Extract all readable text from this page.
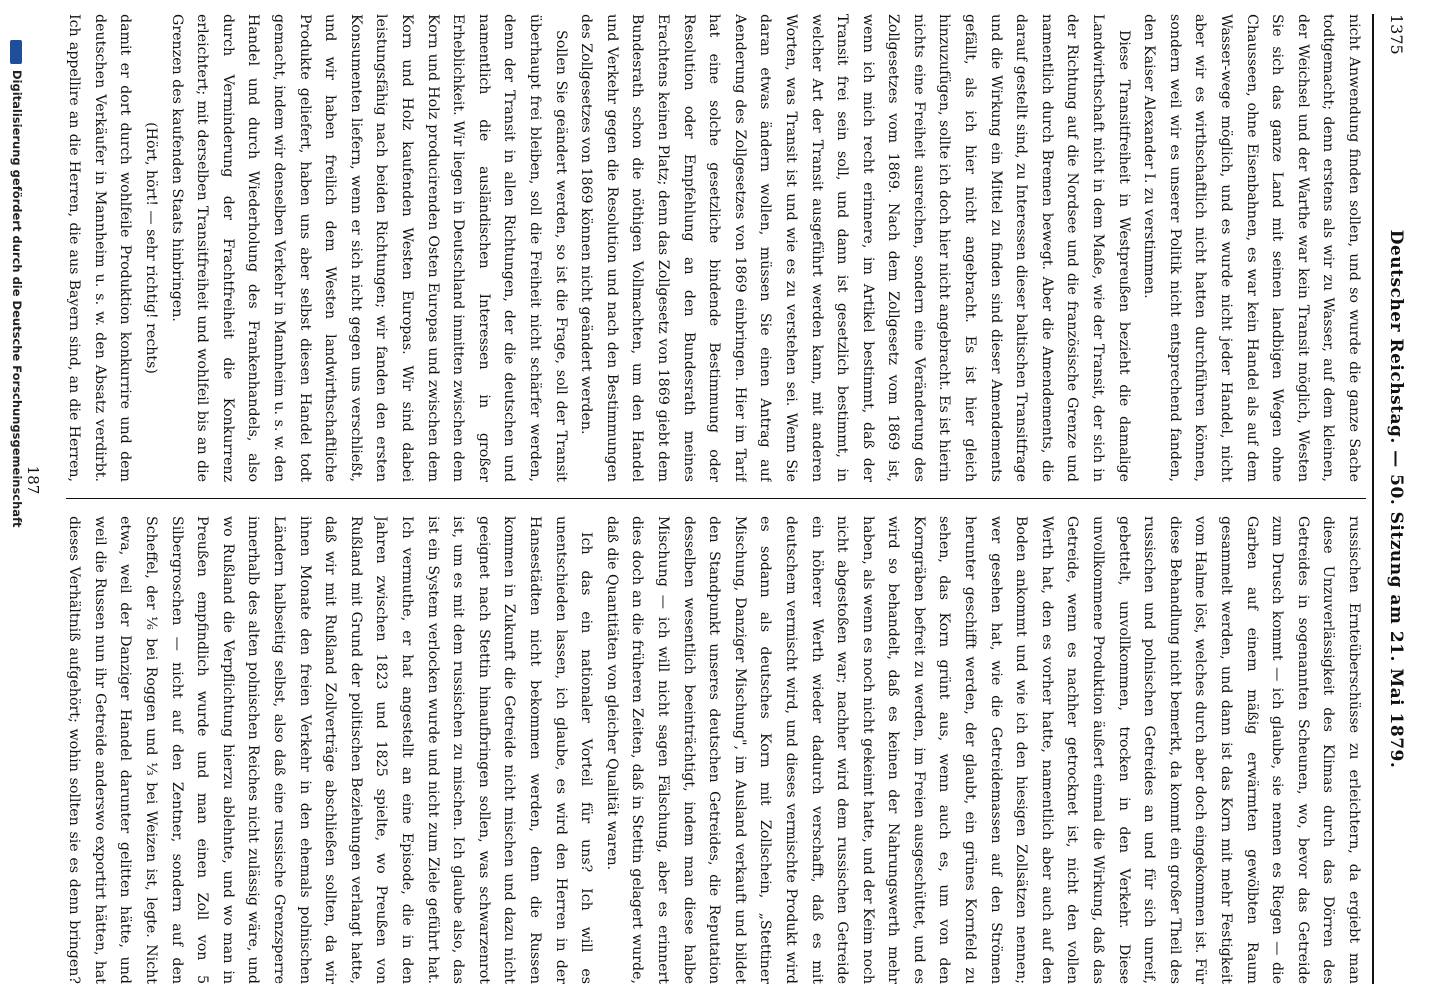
Deutscher Reichstag. — 50. Sitzung am 21. Mai 1879.
1375

nicht Anwendung finden sollen, und so wurde die ganze Sache todtgemacht; denn erstens als wir zu Wasser, auf dem kleinen, der Weichsel und der Warthe war kein Transit möglich, Westen Sie sich das ganze Land mit seinen landbigen Wegen ohne Chausseen, ohne Eisenbahnen, es war kein Handel als auf dem Wasser-wege möglich, und es wurde nicht jeder Handel, nicht aber wir es wirthschaftlich nicht hatten durchführen können, sondern weil wir es unserer Politik nicht entsprechend fanden, den Kaiser Alexander I. zu verstimmen.

Diese Transitfreiheit in Westpreußen bezieht die damalige Landwirthschaft nicht in dem Maße, wie der Transit, der sich in der Richtung auf die Nordsee und die französische Grenze und namentlich durch Bremen bewegt. Aber die Amendements, die darauf gestellt sind, zu Interessen dieser baltischen Transitfrage und die Wirkung ein Mittel zu finden sind dieser Amendements gefällt, als ich hier nicht angebracht. Es ist hier gleich hinzuzufügen, sollte ich doch hier nicht angebracht. Es ist hierin nichts eine Freiheit ausreichen, sondern eine Veränderung des Zollgesetzes vom 1869. Nach dem Zollgesetz vom 1869 ist, wenn ich mich recht erinnere, im Artikel bestimmt, daß der Transit frei sein soll, und dann ist gesetzlich bestimmt, in welcher Art der Transit ausgeführt werden kann, mit anderen Worten, was Transit ist und wie es zu verstehen sei. Wenn Sie daran etwas ändern wollen, müssen Sie einen Antrag auf Aenderung des Zollgesetzes von 1869 einbringen. Hier im Tarif hat eine solche gesetzliche bindende Bestimmung oder Resolution oder Empfehlung an den Bundesrath meines Erachtens keinen Platz; denn das Zollgesetz von 1869 giebt dem Bundesrath schon die nöthigen Vollmachten, um den Handel und Verkehr gegen die Resolution und nach den Bestimmungen des Zollgesetzes von 1869 können nicht geändert werden.

Sollen Sie geändert werden, so ist die Frage, soll der Transit überhaupt frei bleiben, soll die Freiheit nicht schärfer werden, denn der Transit in allen Richtungen, der die deutschen und namentlich die ausländischen Interessen in großer Erheblichkeit. Wir liegen in Deutschland inmitten zwischen dem Korn und Holz producirenden Osten Europas und zwischen dem Korn und Holz kaufenden Westen Europas. Wir sind dabei leistungsfähig nach beiden Richtungen; wir fanden den ersten Konsumenten liefern, wenn er sich nicht gegen uns verschließt, und wir haben freilich dem Westen landwirthschaftliche Produkte geliefert, haben uns aber selbst diesen Handel todt gemacht, indem wir denselben Verkehr in Mannheim u. s. w. den Handel und durch Wiederholung des Frankenhandels, also durch Verminderung der Frachtfreiheit die Konkurrenz erleichtert; mit derselben Transitfreiheit und wohlfeil bis an die Grenzen des kaufenden Staats hinbringen.

(Hört, hört! — sehr richtig! rechts)

damit er dort durch wohlfeile Produktion konkurrire und dem deutschen Verkäufer in Mannheim u. s. w. den Absatz verdirbt. Ich appellire an die Herren, die aus Bayern sind, an die Herren,

russischen Ernteüberschüsse zu erleichtern, da ergiebt man diese Unzuverlässigkeit des Klimas durch das Dörren des Getreides in sogenannten Scheunen, wo, bevor das Getreide zum Drusch kommt — ich glaube, sie nennen es Riegen — die Garben auf einem mäßig erwärmten gewölbten Raum gesammelt werden, und dann ist das Korn mit mehr Festigkeit vom Halme löst, welches durch aber doch eingekommen ist. Für diese Behandlung nicht bemerkt, da kommt ein großer Theil des russischen und polnischen Getreides an und für sich unreif, gebettelt, unvollkommen, trocken in den Verkehr. Diese unvollkommene Produktion äußert einmal die Wirkung, daß das Getreide, wenn es nachher getrocknet ist, nicht den vollen Werth hat, den es vorher hatte, namentlich aber auch auf den Boden ankommt und wie ich den hiesigen Zollsätzen nennen; wer gesehen hat, wie die Getreidemassen auf den Strömen herunter geschifft werden, der glaubt, ein grünes Kornfeld zu sehen, das Korn grünt aus, wenn auch es, um von den Korngräben befreit zu werden, im Freien ausgeschüttet, und es wird so behandelt, daß es keinen der Nahrungswerth mehr haben, als wenn es noch nicht gekeimt hatte, und der Keim noch nicht abgestoßen war; nachher wird dem russischen Getreide ein höherer Werth wieder dadurch verschafft, daß es mit deutschem vermischt wird, und dieses vermischte Produkt wird es sodann als deutsches Korn mit Zollschein, „Stettiner Mischung, Danziger Mischung", im Ausland verkauft und bildet den Standpunkt unseres deutschen Getreides, die Reputation desselben wesentlich beeinträchtigt, indem man diese halbe Mischung — ich will nicht sagen Fälschung, aber es erinnert dies doch an die früheren Zeiten, daß in Stettin gelagert wurde, daß die Quantitäten von gleicher Qualität waren.

Ich das ein nationaler Vorteil für uns? Ich will es unentschieden lassen, ich glaube, es wird den Herren in der Hansestädten nicht bekommen werden, denn die Russen kommen in Zukunft die Getreide nicht mischen und dazu nicht geeignet nach Stettin hinaufbringen sollen, was schwarzenrot ist, um es mit dem russischen zu mischen. Ich glaube also, das ist ein System verlocken wurde und nicht zum Ziele geführt hat. Ich vermuthe, er hat angestellt an eine Episode, die in den Jahren zwischen 1823 und 1825 spielte, wo Preußen von Rußland mit Grund der politischen Beziehungen verlangt hatte, daß wir mit Rußland Zollverträge abschließen sollten, da wir ihnen Monate den freien Verkehr in den ehemals polnischen Ländern halbseitig selbst, also daß eine russische Grenzsperre innerhalb des alten polnischen Reiches nicht zulässig wäre, und wo Rußland die Verpflichtung hierzu ablehnte, und wo man in Preußen empfindlich wurde und man einen Zoll von 5 Silbergroschen — nicht auf den Zentner, sondern auf den Scheffel, der ⅙ bei Roggen und ⅓ bei Weizen ist, legte. Nicht etwa, weil der Danziger Handel darunter gelitten hätte, und weil die Russen nun ihr Getreide anderswo exportirt hätten, hat dieses Verhältniß aufgehört; wohin sollten sie es denn bringen?

187
Digitalisierung gefördert durch die Deutsche Forschungsgemeinschaft
